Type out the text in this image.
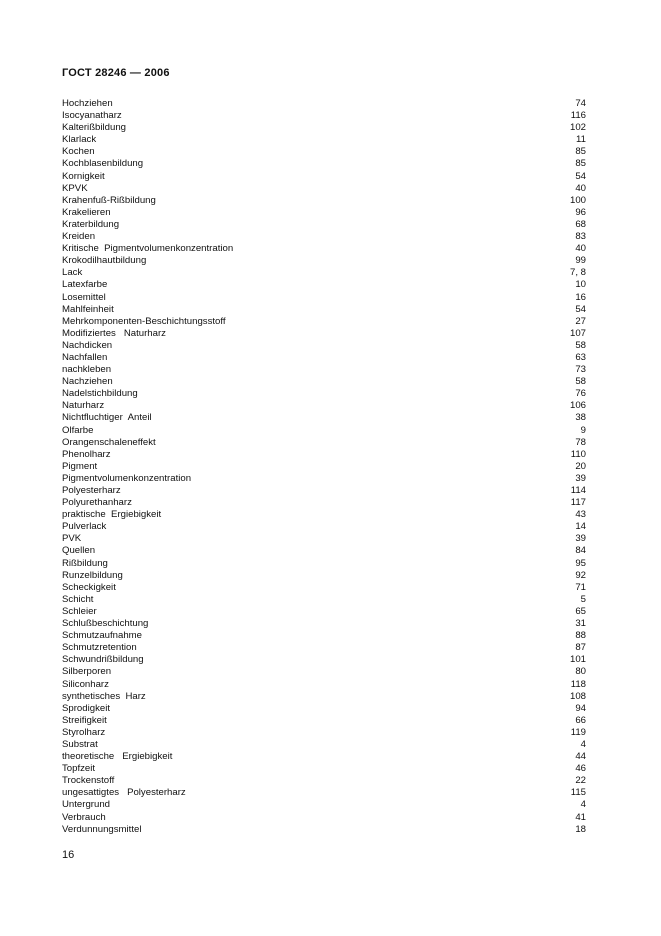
ГОСТ 28246 — 2006
Hochziehen	74
Isocyanatharz	116
Kalterißbildung	102
Klarlack	11
Kochen	85
Kochblasenbildung	85
Kornigkeit	54
KPVK	40
Krahenfuß-Rißbildung	100
Krakelieren	96
Kraterbildung	68
Kreiden	83
Kritische  Pigmentvolumenkonzentration	40
Krokodilhautbildung	99
Lack	7, 8
Latexfarbe	10
Losemittel	16
Mahlfeinheit	54
Mehrkomponenten-Beschichtungsstoff	27
Modifiziertes   Naturharz	107
Nachdicken	58
Nachfallen	63
nachkleben	73
Nachziehen	58
Nadelstichbildung	76
Naturharz	106
Nichtfluchtiger  Anteil	38
Olfarbe	9
Orangenschaleneffekt	78
Phenolharz	110
Pigment	20
Pigmentvolumenkonzentration	39
Polyesterharz	114
Polyurethanharz	117
praktische  Ergiebigkeit	43
Pulverlack	14
PVK	39
Quellen	84
Rißbildung	95
Runzelbildung	92
Scheckigkeit	71
Schicht	5
Schleier	65
Schlußbeschichtung	31
Schmutzaufnahme	88
Schmutzretention	87
Schwundrißbildung	101
Silberporen	80
Siliconharz	118
synthetisches  Harz	108
Sprodigkeit	94
Streifigkeit	66
Styrolharz	119
Substrat	4
theoretische   Ergiebigkeit	44
Topfzeit	46
Trockenstoff	22
ungesattigtes   Polyesterharz	115
Untergrund	4
Verbrauch	41
Verdunnungsmittel	18
16
